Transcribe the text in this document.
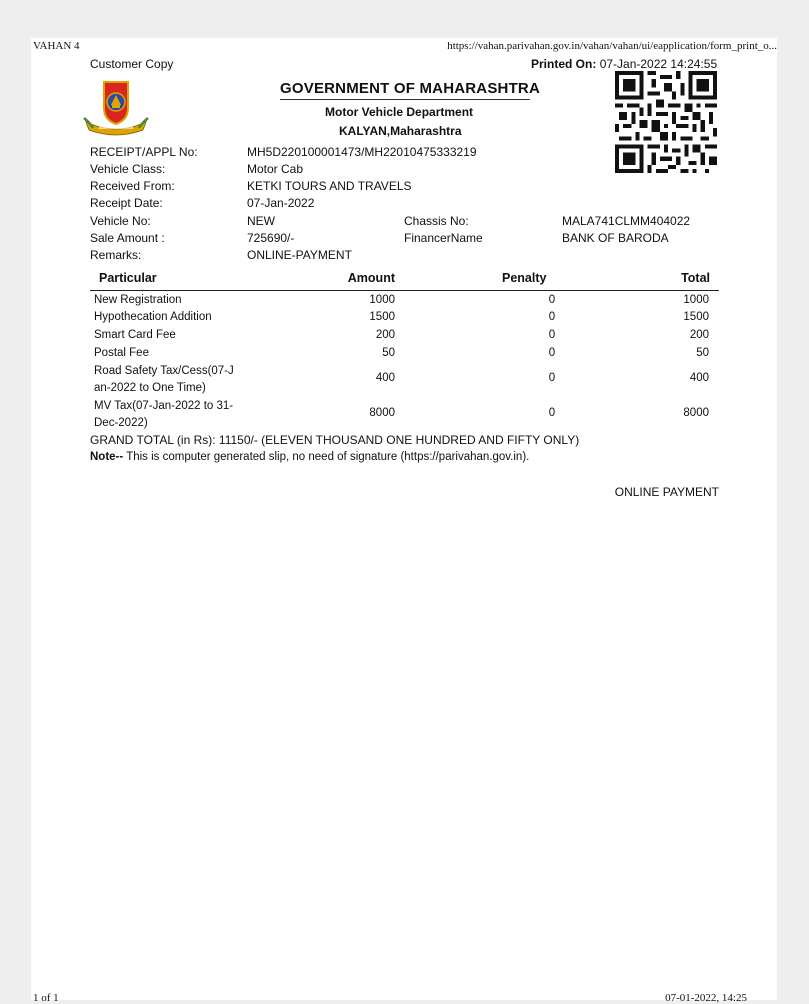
VAHAN 4	https://vahan.parivahan.gov.in/vahan/vahan/ui/eapplication/form_print_o...
Customer Copy	Printed On: 07-Jan-2022 14:24:55
GOVERNMENT OF MAHARASHTRA
Motor Vehicle Department
KALYAN,Maharashtra
RECEIPT/APPL No:	MH5D220100001473/MH22010475333219
Vehicle Class:	Motor Cab
Received From:	KETKI TOURS AND TRAVELS
Receipt Date:	07-Jan-2022
Vehicle No:	NEW	Chassis No:	MALA741CLMM404022
Sale Amount :	725690/-	FinancerName	BANK OF BARODA
Remarks:	ONLINE-PAYMENT
Particular	Amount	Penalty	Total
New Registration	1000	0	1000
Hypothecation Addition	1500	0	1500
Smart Card Fee	200	0	200
Postal Fee	50	0	50
Road Safety Tax/Cess(07-J
an-2022 to One Time)
400	0	400
MV Tax(07-Jan-2022 to 31-
Dec-2022)
8000	0	8000
GRAND TOTAL (in Rs): 11150/- (ELEVEN THOUSAND ONE HUNDRED AND FIFTY ONLY)
Note-- This is computer generated slip, no need of signature (https://parivahan.gov.in).
ONLINE PAYMENT
1 of 1	07-01-2022, 14:25
